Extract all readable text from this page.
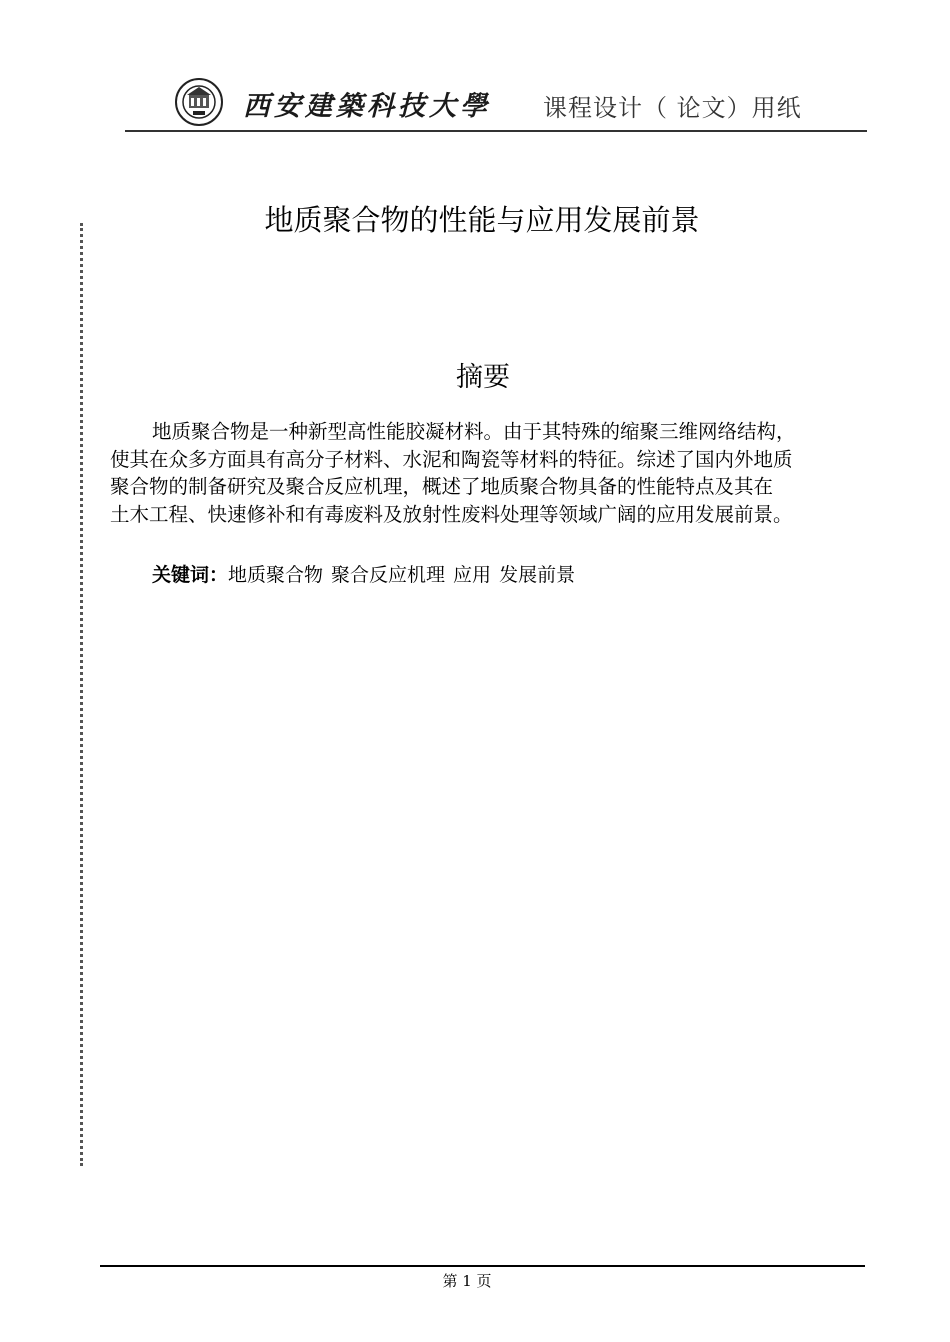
西安建築科技大學 课程设计（ 论文）用纸
地质聚合物的性能与应用发展前景
摘要
地质聚合物是一种新型高性能胶凝材料。由于其特殊的缩聚三维网络结构，
使其在众多方面具有高分子材料、水泥和陶瓷等材料的特征。综述了国内外地质
聚合物的制备研究及聚合反应机理，概述了地质聚合物具备的性能特点及其在
土木工程、快速修补和有毒废料及放射性废料处理等领域广阔的应用发展前景。
关键词：地质聚合物 聚合反应机理 应用 发展前景
第 1 页
